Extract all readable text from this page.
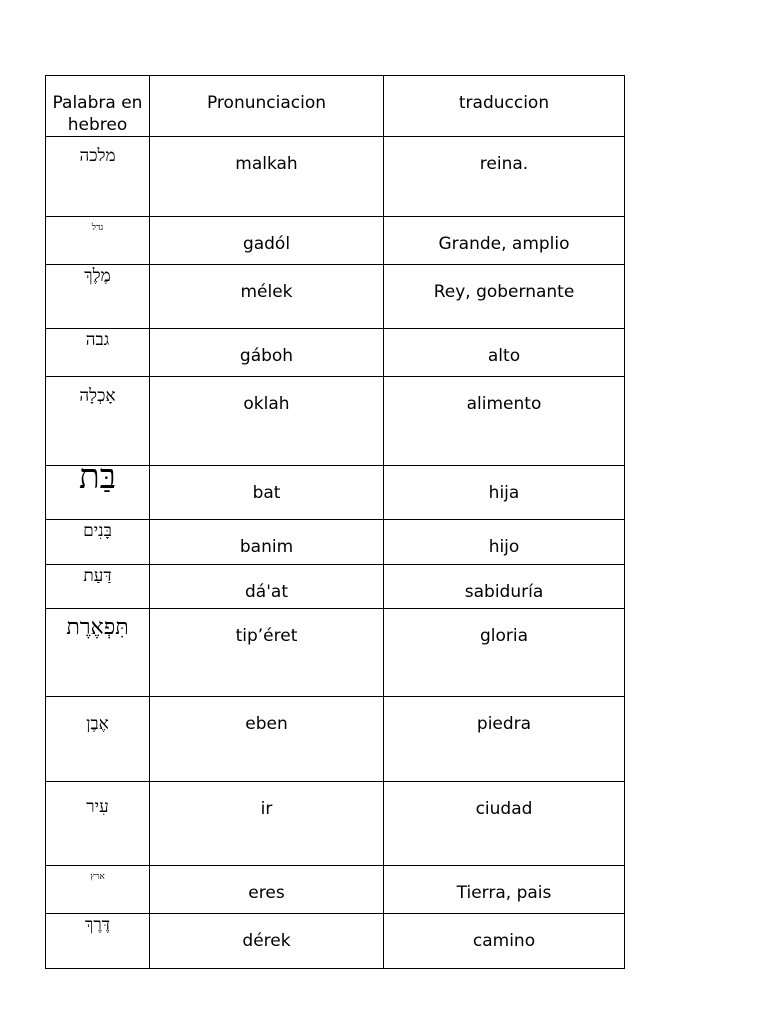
Palabra en hebreo	Pronunciacion	traduccion

מלכה	malkah	reina.

גדל	gadól	Grande, amplio

מֶלֶךְ	mélek	Rey, gobernante

גבה	gáboh	alto

אָכְלָה	oklah	alimento

בַּת	bat	hija

בָּנִים	banim	hijo

דַּעַת	dá'at	sabiduría

תִּפְאֶרֶת	tip’éret	gloria

אֶבֶן	eben	piedra

עִיר	ir	ciudad

ארץ	eres	Tierra, pais

דֶּרֶךְ	dérek	camino
